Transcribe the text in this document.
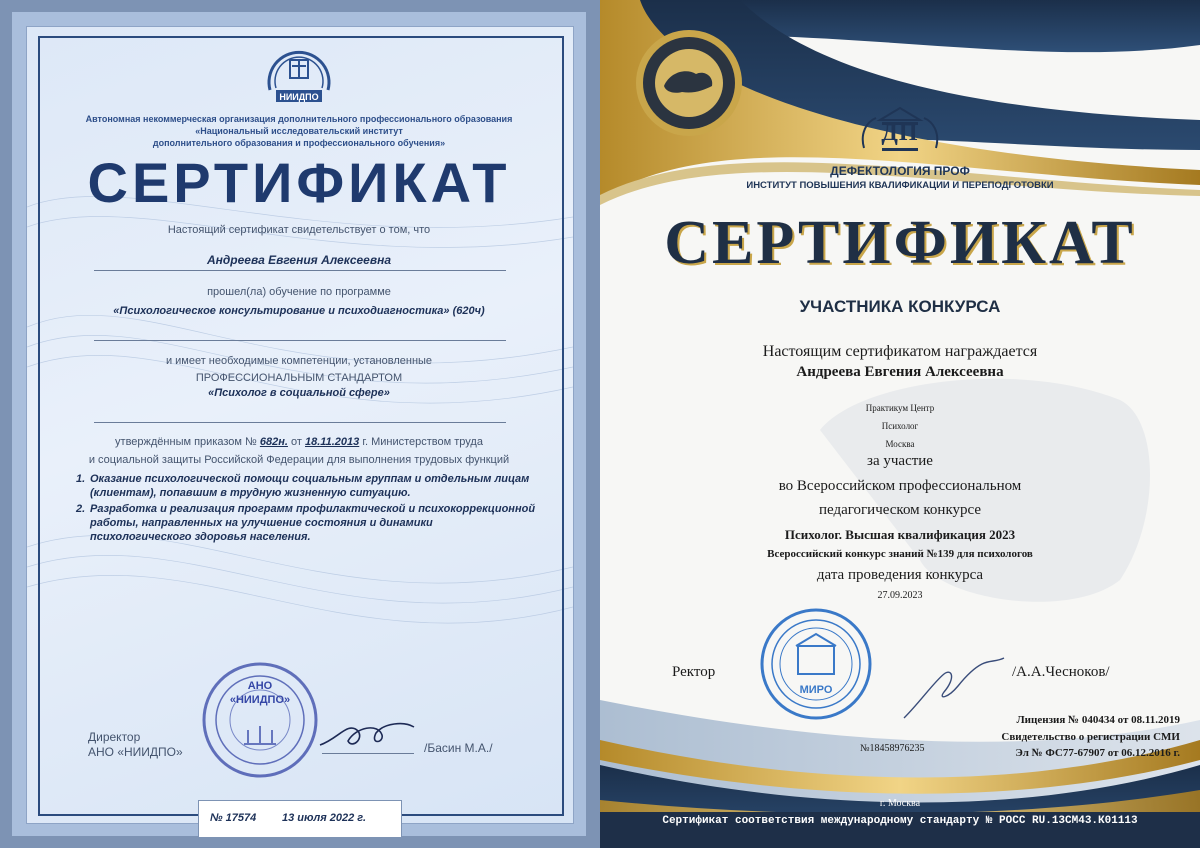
НИИДПО
Автономная некоммерческая организация дополнительного профессионального образования
«Национальный исследовательский институт
дополнительного образования и профессионального обучения»
СЕРТИФИКАТ
Настоящий сертификат свидетельствует о том, что
Андреева Евгения Алексеевна
прошел(ла) обучение по программе
«Психологическое консультирование и психодиагностика» (620ч)
и имеет необходимые компетенции, установленные
ПРОФЕССИОНАЛЬНЫМ СТАНДАРТОМ
«Психолог в социальной сфере»
утверждённым приказом № 682н. от 18.11.2013 г. Министерством труда
и социальной защиты Российской Федерации для выполнения трудовых функций
1. Оказание психологической помощи социальным группам и отдельным лицам (клиентам), попавшим в трудную жизненную ситуацию.
2. Разработка и реализация программ профилактической и психокоррекционной работы, направленных на улучшение состояния и динамики психологического здоровья населения.
АНО
«НИИДПО»
Директор
АНО «НИИДПО»	/Басин М.А./
№ 17574 13 июля 2022 г.
ДП
ДЕФЕКТОЛОГИЯ ПРОФ
ИНСТИТУТ ПОВЫШЕНИЯ КВАЛИФИКАЦИИ И ПЕРЕПОДГОТОВКИ
СЕРТИФИКАТ
УЧАСТНИКА КОНКУРСА
Настоящим сертификатом награждается
Андреева Евгения Алексеевна
Практикум Центр
Психолог
Москва
за участие
во Всероссийском профессиональном
педагогическом конкурсе
Психолог. Высшая квалификация 2023
Всероссийский конкурс знаний №139 для психологов
дата проведения конкурса
27.09.2023
Ректор
МИРО
/А.А.Чесноков/
Лицензия № 040434 от 08.11.2019
Свидетельство о регистрации СМИ
Эл № ФС77-67907 от 06.12.2016 г.
№18458976235
г. Москва
Сертификат соответствия международному стандарту № РОСС RU.13СМ43.К01113
